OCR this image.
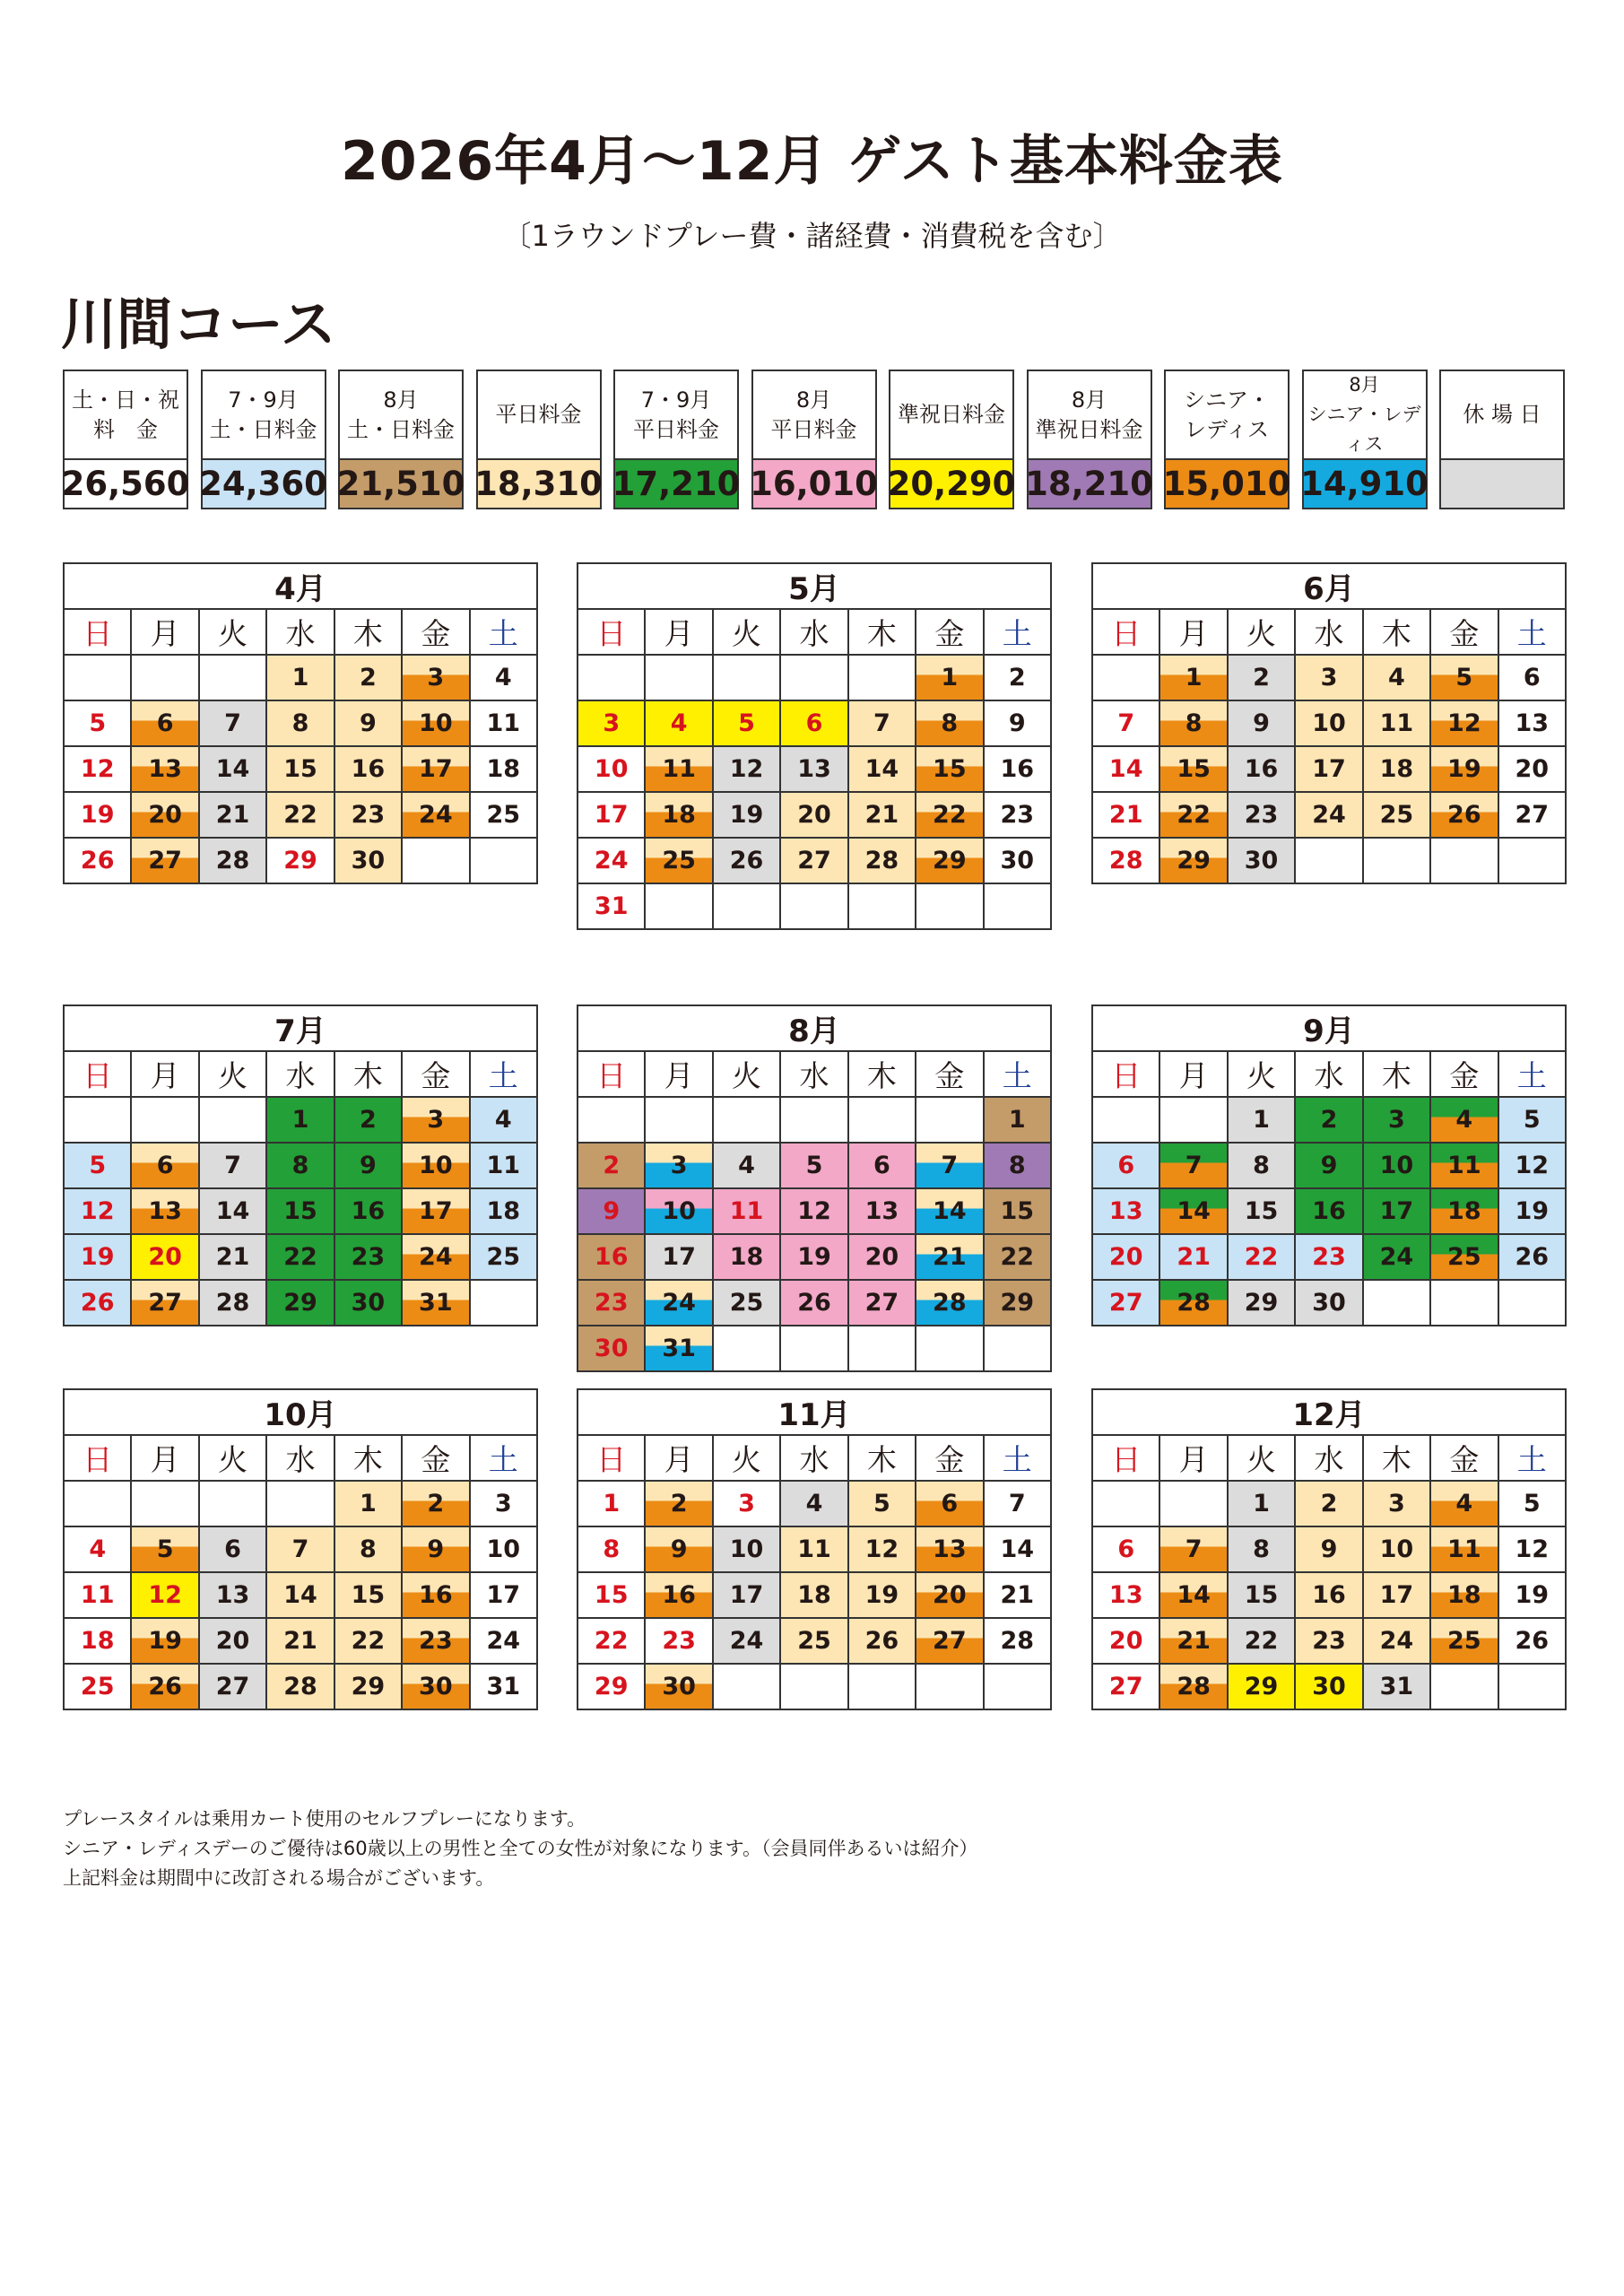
2026年4月〜12月 ゲスト基本料金表
〔1ラウンドプレー費・諸経費・消費税を含む〕
川間コース
土・日・祝
料　金
26,560
7・9月
土・日料金
24,360
8月
土・日料金
21,510
平日料金
18,310
7・9月
平日料金
17,210
8月
平日料金
16,010
準祝日料金
20,290
8月
準祝日料金
18,210
シニア・
レディス
15,010
8月
シニア・レディス
14,910
休 場 日
4月						
日	月	火	水	木	金	土
			1	2	3	4
5	6	7	8	9	10	11
12	13	14	15	16	17	18
19	20	21	22	23	24	25
26	27	28	29	30		
5月						
日	月	火	水	木	金	土
					1	2
3	4	5	6	7	8	9
10	11	12	13	14	15	16
17	18	19	20	21	22	23
24	25	26	27	28	29	30
31						
6月						
日	月	火	水	木	金	土
	1	2	3	4	5	6
7	8	9	10	11	12	13
14	15	16	17	18	19	20
21	22	23	24	25	26	27
28	29	30				
7月						
日	月	火	水	木	金	土
			1	2	3	4
5	6	7	8	9	10	11
12	13	14	15	16	17	18
19	20	21	22	23	24	25
26	27	28	29	30	31	
8月						
日	月	火	水	木	金	土
						1
2	3	4	5	6	7	8
9	10	11	12	13	14	15
16	17	18	19	20	21	22
23	24	25	26	27	28	29
30	31					
9月						
日	月	火	水	木	金	土
		1	2	3	4	5
6	7	8	9	10	11	12
13	14	15	16	17	18	19
20	21	22	23	24	25	26
27	28	29	30			
10月						
日	月	火	水	木	金	土
				1	2	3
4	5	6	7	8	9	10
11	12	13	14	15	16	17
18	19	20	21	22	23	24
25	26	27	28	29	30	31
11月						
日	月	火	水	木	金	土
1	2	3	4	5	6	7
8	9	10	11	12	13	14
15	16	17	18	19	20	21
22	23	24	25	26	27	28
29	30					
12月						
日	月	火	水	木	金	土
		1	2	3	4	5
6	7	8	9	10	11	12
13	14	15	16	17	18	19
20	21	22	23	24	25	26
27	28	29	30	31		
プレースタイルは乗用カート使用のセルフプレーになります。
シニア・レディスデーのご優待は60歳以上の男性と全ての女性が対象になります。（会員同伴あるいは紹介）
上記料金は期間中に改訂される場合がございます。
